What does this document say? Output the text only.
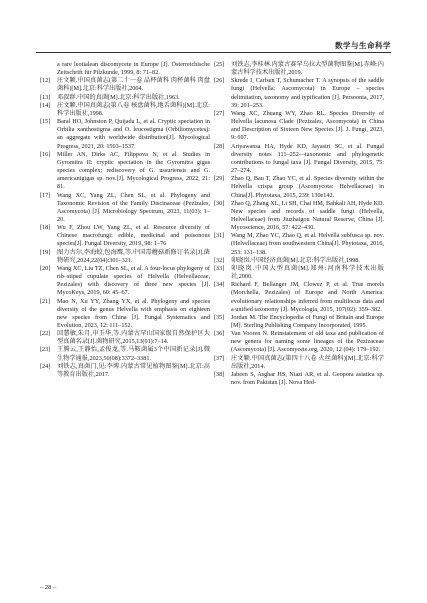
数学与生命科学
a rare leotialean discomycete in Europe [J]. Österreichische Zeitschrift für Pilzkunde, 1999, 8: 71–82.
[12] 庄文颖.中国真菌志(第二十一卷 晶杯菌科 肉杯菌科 肉盘菌科)[M].北京:科学出版社,2004.
[13] 邓叔群.中国的真菌[M].北京:科学出版社,1963.
[14] 庄文颖.中国真菌志(第八卷 核盘菌科,地舌菌科)[M].北京:科学出版社,1998.
[15] Baral HO, Johnston P, Quijada L, et al. Cryptic speciation in Orbilia xanthostigma and O. leucostigma (Orbiliomycetes): an aggregate with worldwide distribution[J]. Mycological Progress, 2021, 20: 1503–1537.
[16] Miller AN, Dirks AC, Filippova N, et al. Studies in Gyromitra II: cryptic speciation in the Gyromitra gigas species complex; rediscovery of G. ussuriensis and G. americanigigas sp. nov.[J]. Mycological Progress, 2022, 21: 81.
[17] Wang XC, Yang ZL, Chen SL, et al. Phylogeny and Taxonomic Revision of the Family Discinaceae (Pezizales, Ascomycota) [J]. Microbiology Spectrum, 2023, 11(03): 1–20.
[18] Wu F, Zhou LW, Yang ZL, et al. Resource diversity of Chinese macrofungi: edible, medicinal and poisonous species[J]. Fungal Diversity, 2019, 98: 1–76
[19] 图力古尔,李海蛟,包海鹰,等.中国毒蘑菇新修订名录[J].菌物研究,2024,22(04):301–321.
[20] Wang XC, Liu TZ, Chen SL, et al. A four-locus phylogeny of rib–stiped cupulate species of Helvella (Helvellaceae, Pezizales) with discovery of three new species [J]. MycoKeys, 2019, 60: 45–67.
[21] Mao N, Xu YY, Zhang YX, et al. Phylogeny and species diversity of the genus Helvella with emphasis on eighteen new species from China [J]. Fungal Systematics and Evolution, 2023, 12: 111–152.
[22] 回慧敏,朱月,申玉华,等.内蒙古罕山国家级自然保护区大型真菌名录[J].菌物研究,2015,13(01):7–14.
[23] 王腾云,王静怡,孟俊龙,等.马鞍菌属3个中国新记录[J].微生物学通报,2023,50(08):3372–3381.
[24] 刘铁志,真菌门,见:李博.内蒙古常见植物图鉴[M].北京:高等教育出版社,2017.
[25] 刘铁志,李桂林.内蒙古赛罕乌拉大型菌物图鉴[M].赤峰:内蒙古科学技术出版社,2019.
[26] Skrede I, Carlsen T, Schumacher T. A synopsis of the saddle fungi (Helvella: Ascomycota) in Europe – species delimitation, taxonomy and typification [J]. Persoonia, 2017, 39: 201–253.
[27] Wang XC, Zhuang WY, Zhao RL. Species Diversity of Helvella lacunosa Clade (Pezizales, Ascomycota) in China and Description of Sixteen New Species [J]. J. Fungi, 2023, 9: 697.
[28] Ariyawansa HA, Hyde KD, Jayasiri SC, et al. Fungal diversity notes 111–252—taxonomic and phylogenetic contributions to fungal taxa [J]. Fungal Diversity, 2015, 75: 27–274.
[29] Zhao Q, Bau T, Zhao YC, et al. Species diversity within the Helvella crispa group (Ascomycota: Helvellaceae) in China[J]. Phytotaxa, 2015, 239: 130e142.
[30] Zhao Q, Zhang XL, Li SH, Chai HM, Bahkali AH, Hyde KD. New species and records of saddle fungi (Helvella, Helvellaceae) from Jiuzhaigou Natural Reserve, China [J]. Mycoscience, 2016, 57: 422–430.
[31] Wang M, Zhao YC, Zhao Q, et al. Helvella subfusca sp. nov. (Helvellaceae) from southwestern China[J]. Phytotaxa, 2016, 253: 131–138.
[32] 卯晓岚.中国经济真菌[M].北京:科学出版社,1998.
[33] 卯晓岚.中国大型真菌[M].郑州:河南科学技术出版社,2000.
[34] Richard F, Bellanger JM, Clowez P, et al. True morels (Morchella, Pezizales) of Europe and North America: evolutionary relationships inferred from multilocus data and a unified taxonomy [J]. Mycologia, 2015, 107(02): 359–382.
[35] Jordan M. The Encyclopedia of Fungi of Britain and Europe [M]. Sterling Publishing Company Incorporated, 1995.
[36] Van Vooren N. Reinstatement of old taxa and publication of new genera for naming some lineages of the Pezizaceae (Ascomycota) [J]. Ascomycete.org, 2020, 12 (04): 179–192.
[37] 庄文颖.中国真菌志(第四十八卷 火丝菌科)[M].北京:科学出版社,2014.
[38] Jabeen S, Asghar HS, Niazi AR, et al. Geopora asiatica sp. nov. from Pakistan [J]. Nova Hed-
– 28 –
